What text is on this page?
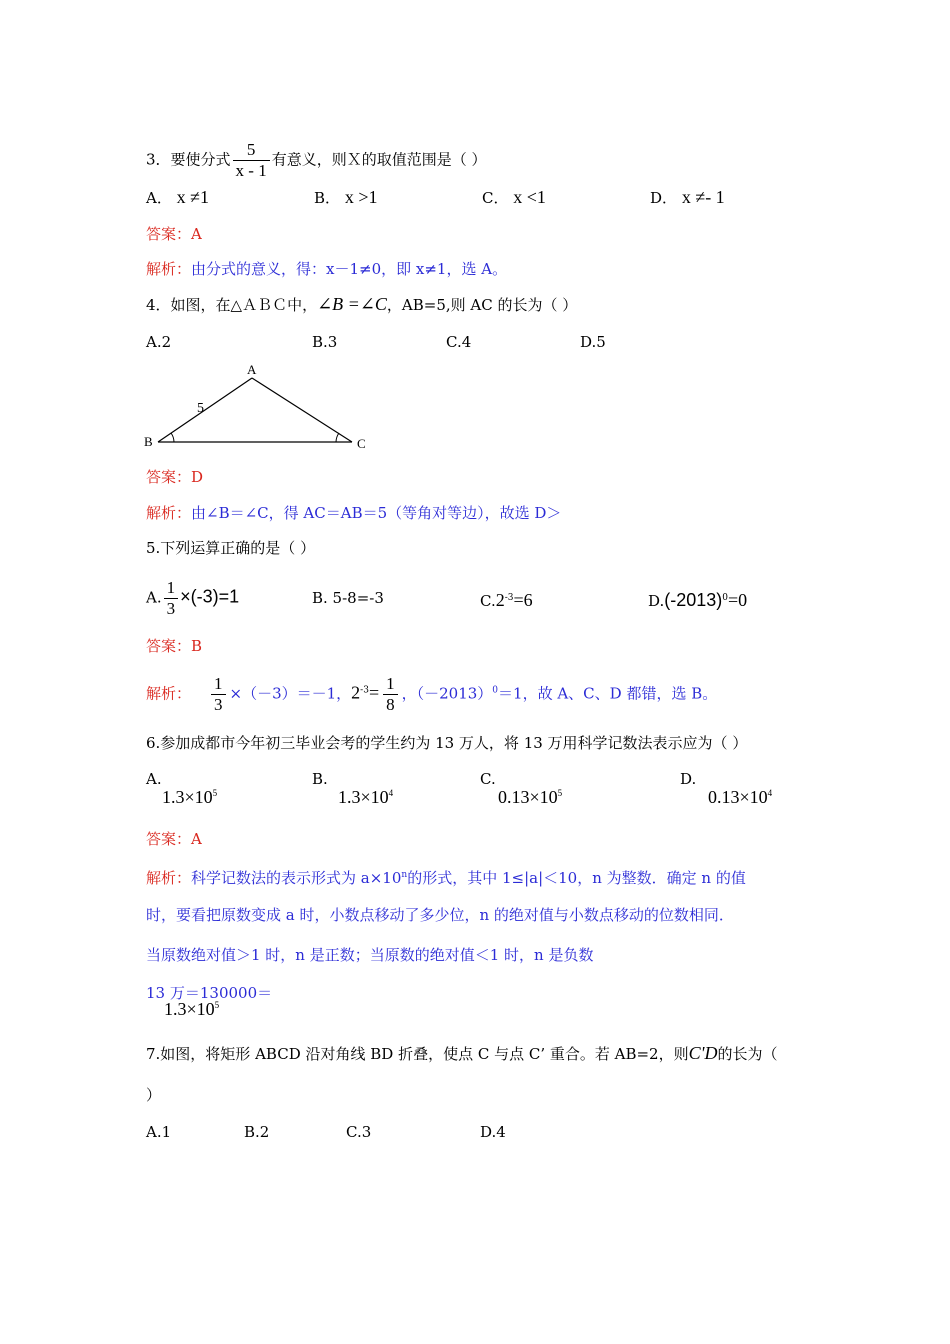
3．要使分式 $\frac{5}{x - 1}$ 有意义，则Ｘ的取值范围是（ ）
A． x ≠1	B． x >1	C． x <1	D． x ≠- 1
答案：A
解析：由分式的意义，得：x－1≠0，即 x≠1，选 A。
4．如图，在△ＡＢＣ中，∠B =∠C，AB=5,则 AC 的长为（ ）
A.2	B.3	C.4	D.5
A
B	C
5
答案：D
解析：由∠B＝∠C，得 AC＝AB＝5（等角对等边），故选 D＞
5.下列运算正确的是（ ）
A. $\frac{1}{3} \times(-3)=1$	B. 5-8=-3	$C.2^{-3}=6$	$D.(-2013)^0=0$
答案：B
解析： $\frac{1}{3} \times(-3)=-1$，$2^{-3}= \frac{1}{8}$ ，$(-2013)^0=1$，故 A、C、D 都错，选 B。
6.参加成都市今年初三毕业会考的学生约为 13 万人，将 13 万用科学记数法表示应为（ ）
A.
$1.3\times 10^5$
B.
$1.3\times 10^4$
C.
$0.13\times 10^5$
D.
$0.13\times 10^4$
答案：A
解析：科学记数法的表示形式为 $a\times 10^n$的形式，其中 1≤|a|＜10，n 为整数．确定 n 的值
时，要看把原数变成 a 时，小数点移动了多少位，n 的绝对值与小数点移动的位数相同．
当原数绝对值＞1 时，n 是正数；当原数的绝对值＜1 时，n 是负数
13 万＝130000＝
$1.3\times 10^5$
7.如图，将矩形 ABCD 沿对角线 BD 折叠，使点 C 与点 C’ 重合。若 AB=2，则C'D的长为（
）
A.1	B.2	C.3	D.4
